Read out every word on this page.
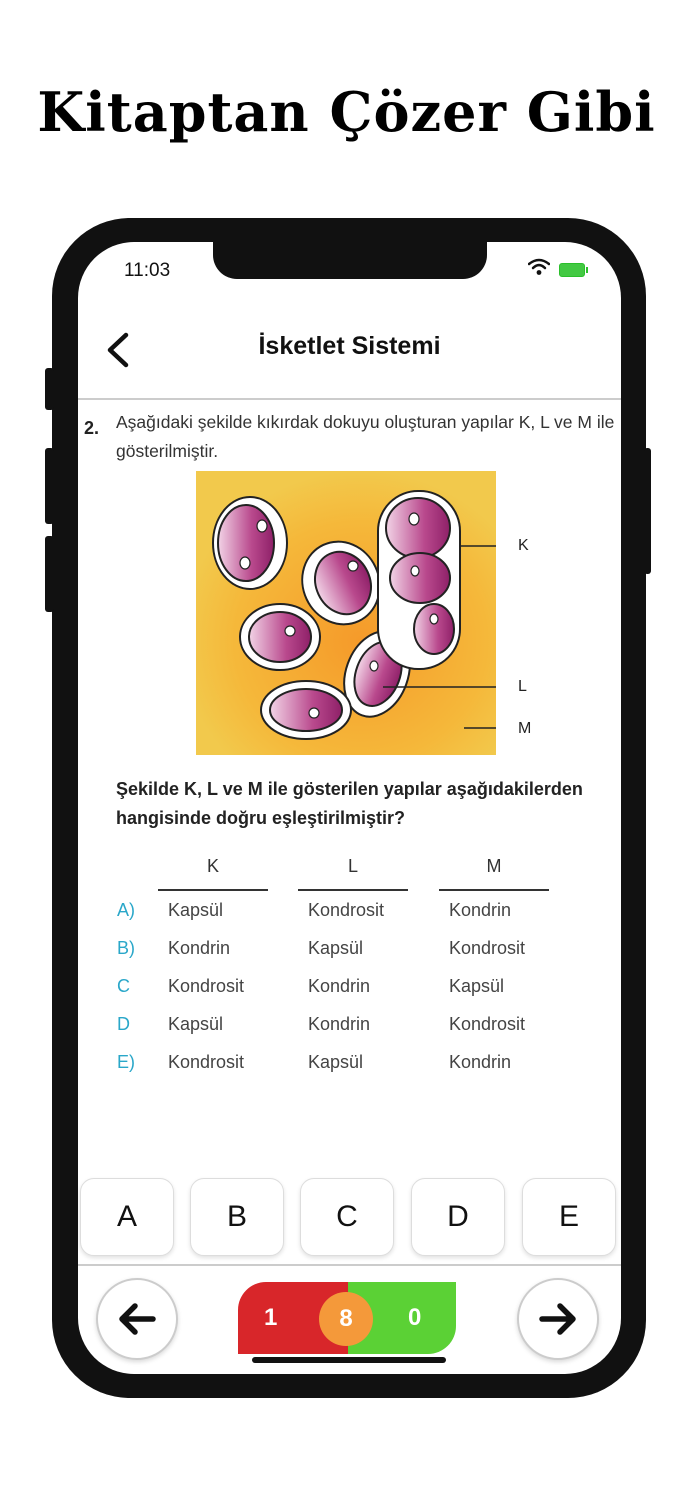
Kitaptan Çözer Gibi
11:03
İsketlet Sistemi
2. Aşağıdaki şekilde kıkırdak dokuyu oluşturan yapılar K, L ve M ile gösterilmiştir.
K
L
M
Şekilde K, L ve M ile gösterilen yapılar aşağıdakilerden hangisinde doğru eşleştirilmiştir?
K	L	M
A) Kapsül	Kondrosit	Kondrin
B) Kondrin	Kapsül	Kondrosit
C Kondrosit	Kondrin	Kapsül
D Kapsül	Kondrin	Kondrosit
E) Kondrosit	Kapsül	Kondrin
A	B	C	D	E
1	0
8
